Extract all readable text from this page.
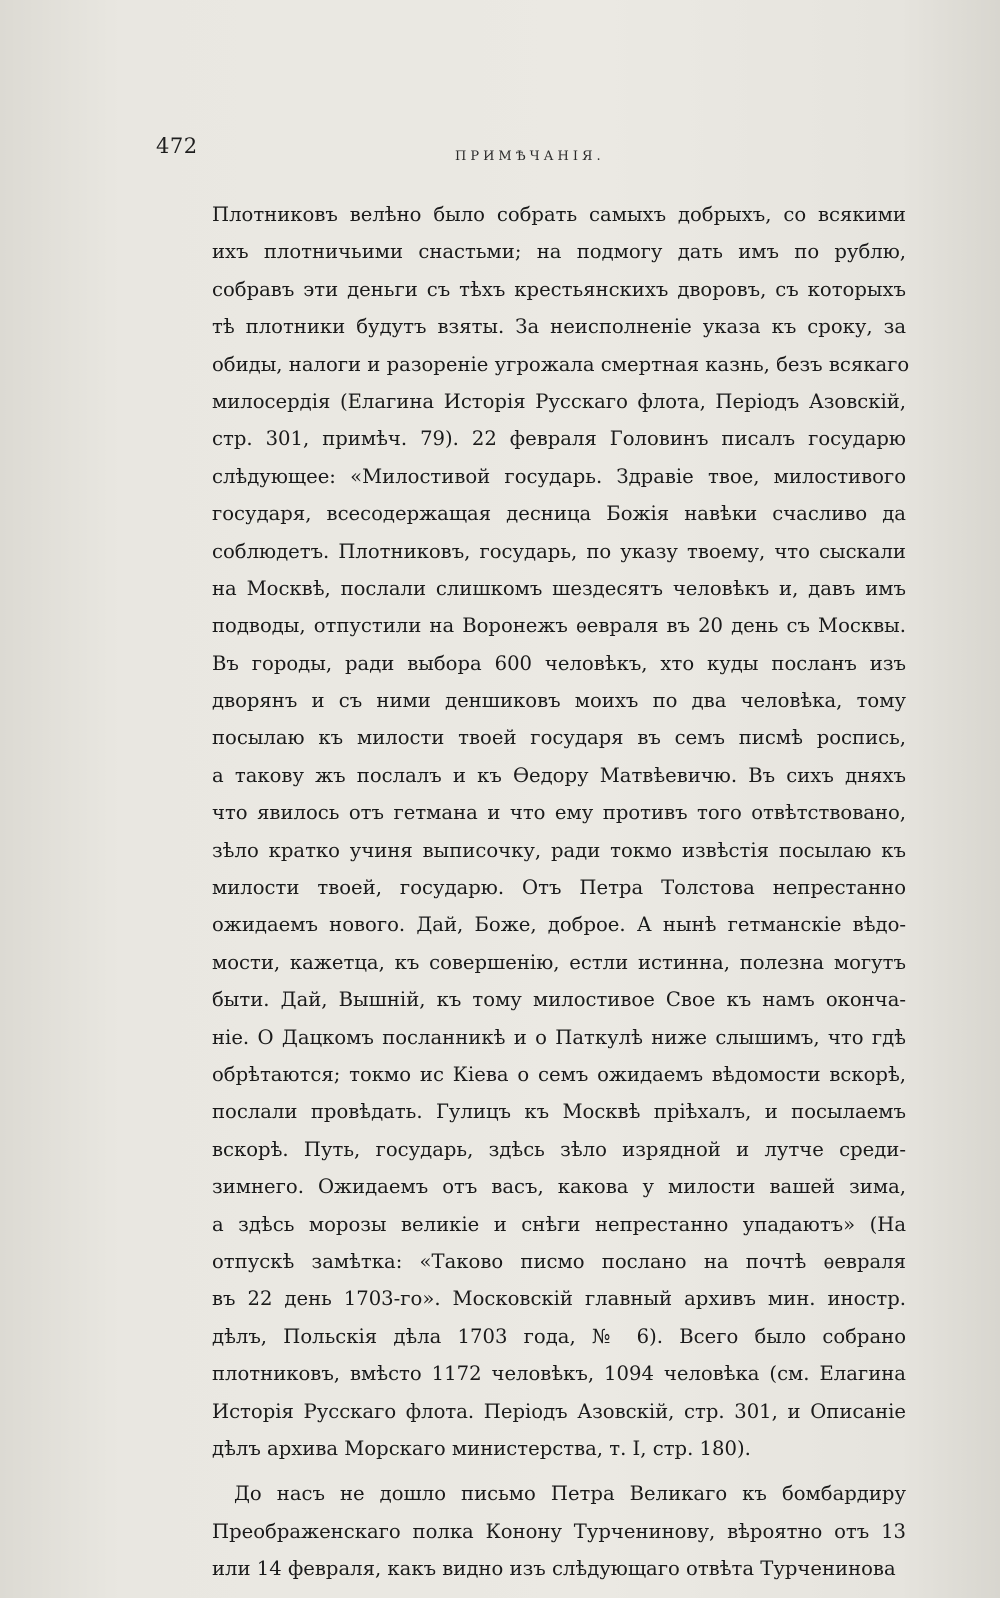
472	ПРИМѢЧАНІЯ.
Плотниковъ велѣно было собрать самыхъ добрыхъ, со всякими
ихъ плотничьими снастьми; на подмогу дать имъ по рублю,
собравъ эти деньги съ тѣхъ крестьянскихъ дворовъ, съ которыхъ
тѣ плотники будутъ взяты. За неисполненіе указа къ сроку, за
обиды, налоги и разореніе угрожала смертная казнь, безъ всякаго
милосердія (Елагина Исторія Русскаго флота, Періодъ Азовскій,
стр. 301, примѣч. 79). 22 февраля Головинъ писалъ государю
слѣдующее: «Милостивой государь. Здравіе твое, милостивого
государя, всесодержащая десница Божія навѣки счасливо да
соблюдетъ. Плотниковъ, государь, по указу твоему, что сыскали
на Москвѣ, послали слишкомъ шездесятъ человѣкъ и, давъ имъ
подводы, отпустили на Воронежъ ѳевраля въ 20 день съ Москвы.
Въ городы, ради выбора 600 человѣкъ, хто куды посланъ изъ
дворянъ и съ ними деншиковъ моихъ по два человѣка, тому
посылаю къ милости твоей государя въ семъ писмѣ роспись,
а такову жъ послалъ и къ Ѳедору Матвѣевичю. Въ сихъ дняхъ
что явилось отъ гетмана и что ему противъ того отвѣтствовано,
зѣло кратко учиня выписочку, ради токмо извѣстія посылаю къ
милости твоей, государю. Отъ Петра Толстова непрестанно
ожидаемъ нового. Дай, Боже, доброе. А нынѣ гетманскіе вѣдо-
мости, кажетца, къ совершенію, естли истинна, полезна могутъ
быти. Дай, Вышній, къ тому милостивое Свое къ намъ оконча-
ніе. О Дацкомъ посланникѣ и о Паткулѣ ниже слышимъ, что гдѣ
обрѣтаются; токмо ис Кіева о семъ ожидаемъ вѣдомости вскорѣ,
послали провѣдать. Гулицъ къ Москвѣ пріѣхалъ, и посылаемъ
вскорѣ. Путь, государь, здѣсь зѣло изрядной и лутче среди-
зимнего. Ожидаемъ отъ васъ, какова у милости вашей зима,
а здѣсь морозы великіе и снѣги непрестанно упадаютъ» (На
отпускѣ замѣтка: «Таково писмо послано на почтѣ ѳевраля
въ 22 день 1703-го». Московскій главный архивъ мин. иностр.
дѣлъ, Польскія дѣла 1703 года, № 6). Всего было собрано
плотниковъ, вмѣсто 1172 человѣкъ, 1094 человѣка (см. Елагина
Исторія Русскаго флота. Періодъ Азовскій, стр. 301, и Описаніе
дѣлъ архива Морскаго министерства, т. I, стр. 180).
До насъ не дошло письмо Петра Великаго къ бомбардиру
Преображенскаго полка Конону Турченинову, вѣроятно отъ 13
или 14 февраля, какъ видно изъ слѣдующаго отвѣта Турченинова
